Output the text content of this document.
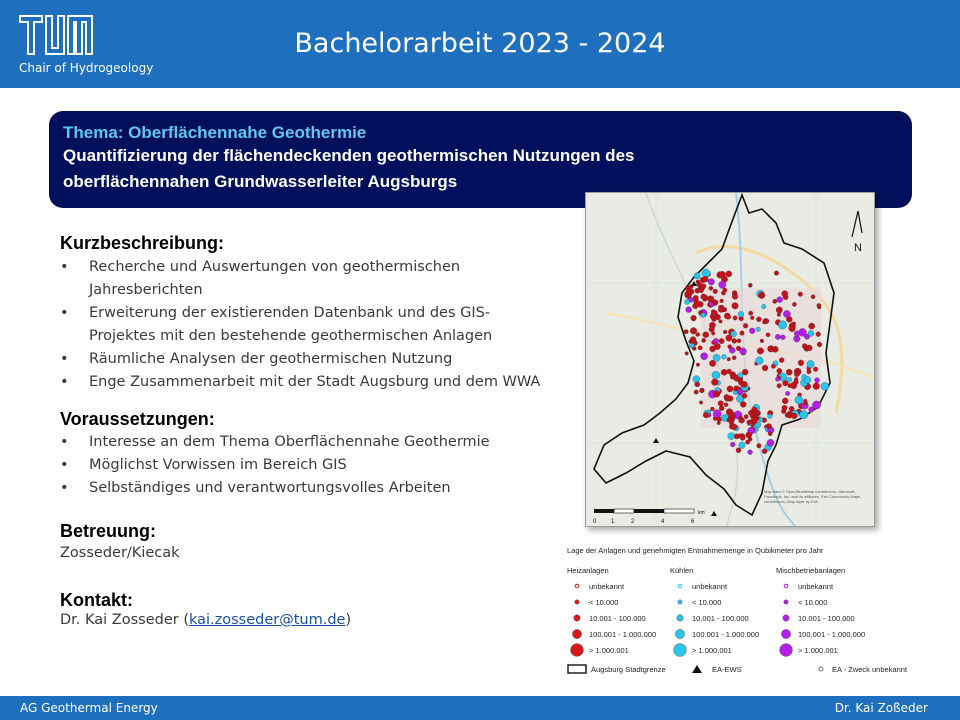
Chair of Hydrogeology
Bachelorarbeit 2023 - 2024
Thema: Oberflächennahe Geothermie
Quantifizierung der flächendeckenden geothermischen Nutzungen des
oberflächennahen Grundwasserleiter Augsburgs
Kurzbeschreibung:
• Recherche und Auswertungen von geothermischen Jahresberichten
• Erweiterung der existierenden Datenbank und des GIS-Projektes mit den bestehende geothermischen Anlagen
• Räumliche Analysen der geothermischen Nutzung
• Enge Zusammenarbeit mit der Stadt Augsburg und dem WWA
Voraussetzungen:
• Interesse an dem Thema Oberflächennahe Geothermie
• Möglichst Vorwissen im Bereich GIS
• Selbständiges und verantwortungsvolles Arbeiten
Betreuung:
Zosseder/Kiecak
Kontakt:
Dr. Kai Zosseder (kai.zosseder@tum.de)
N
0 1	2	4	6
km
Map data © OpenStreetMap contributors, Microsoft, Facebook, Inc. and its affiliates, Esri Community Maps contributors, Map layer by Esri
Lage der Anlagen und genehmigten Entnahmemenge in Qubikmeter pro Jahr
Heizanlagen
unbekannt
< 10.000
10.001 - 100.000
100.001 - 1.000.000
> 1.000.001
Kühlen
unbekannt
< 10.000
10.001 - 100.000
100.001 - 1.000.000
> 1.000.001
Mischbetriebanlagen
unbekannt
< 10.000
10.001 - 100.000
100.001 - 1.000.000
> 1.000.001
Augsburg Stadtgrenze	EA-EWS	EA - Zweck unbekannt
AG Geothermal Energy	Dr. Kai Zoßeder
